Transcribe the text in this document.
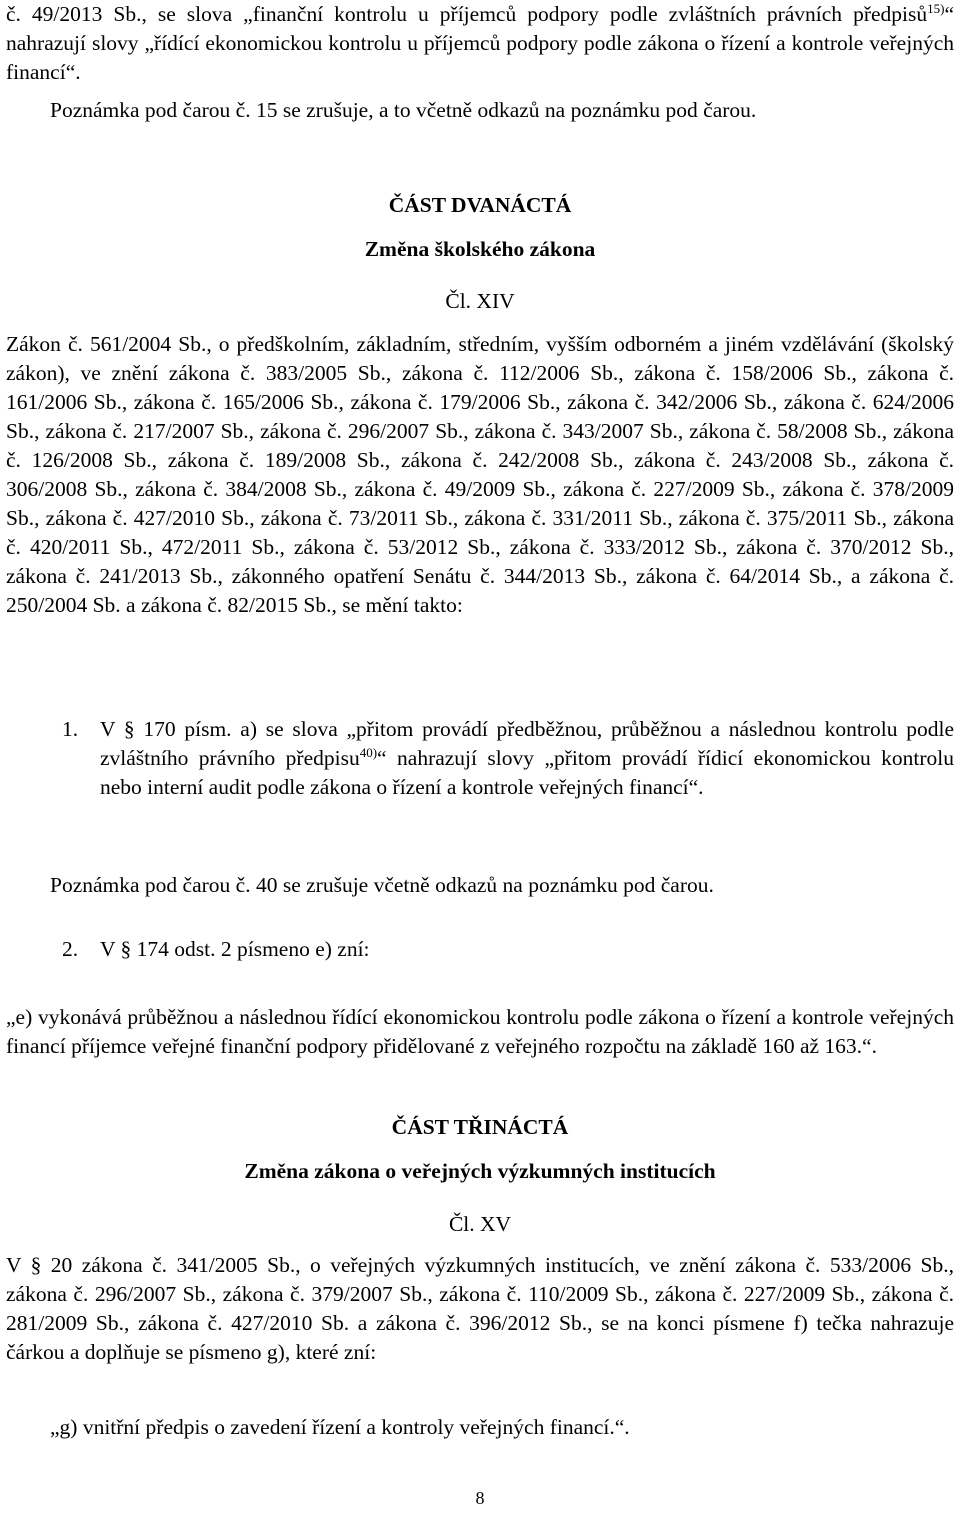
č. 49/2013 Sb., se slova „finanční kontrolu u příjemců podpory podle zvláštních právních předpisů$^{15)}$“ nahrazují slovy „řídící ekonomickou kontrolu u příjemců podpory podle zákona o řízení a kontrole veřejných financí“.

Poznámka pod čarou č. 15 se zrušuje, a to včetně odkazů na poznámku pod čarou.

ČÁST DVANÁCTÁ

Změna školského zákona

Čl. XIV

Zákon č. 561/2004 Sb., o předškolním, základním, středním, vyšším odborném a jiném vzdělávání (školský zákon), ve znění zákona č. 383/2005 Sb., zákona č. 112/2006 Sb., zákona č. 158/2006 Sb., zákona č. 161/2006 Sb., zákona č. 165/2006 Sb., zákona č. 179/2006 Sb., zákona č. 342/2006 Sb., zákona č. 624/2006 Sb., zákona č. 217/2007 Sb., zákona č. 296/2007 Sb., zákona č. 343/2007 Sb., zákona č. 58/2008 Sb., zákona č. 126/2008 Sb., zákona č. 189/2008 Sb., zákona č. 242/2008 Sb., zákona č. 243/2008 Sb., zákona č. 306/2008 Sb., zákona č. 384/2008 Sb., zákona č. 49/2009 Sb., zákona č. 227/2009 Sb., zákona č. 378/2009 Sb., zákona č. 427/2010 Sb., zákona č. 73/2011 Sb., zákona č. 331/2011 Sb., zákona č. 375/2011 Sb., zákona č. 420/2011 Sb., 472/2011 Sb., zákona č. 53/2012 Sb., zákona č. 333/2012 Sb., zákona č. 370/2012 Sb., zákona č. 241/2013 Sb., zákonného opatření Senátu č. 344/2013 Sb., zákona č. 64/2014 Sb., a zákona č. 250/2004 Sb. a zákona č. 82/2015 Sb., se mění takto:

1.	V § 170 písm. a) se slova „přitom provádí předběžnou, průběžnou a následnou kontrolu podle zvláštního právního předpisu$^{40)}$“ nahrazují slovy „přitom provádí řídicí ekonomickou kontrolu nebo interní audit podle zákona o řízení a kontrole veřejných financí“.

Poznámka pod čarou č. 40 se zrušuje včetně odkazů na poznámku pod čarou.

2.	V § 174 odst. 2 písmeno e) zní:

„e) vykonává průběžnou a následnou řídící ekonomickou kontrolu podle zákona o řízení a kontrole veřejných financí příjemce veřejné finanční podpory přidělované z veřejného rozpočtu na základě 160 až 163.“.

ČÁST TŘINÁCTÁ

Změna zákona o veřejných výzkumných institucích

Čl. XV

V § 20 zákona č. 341/2005 Sb., o veřejných výzkumných institucích, ve znění zákona č. 533/2006 Sb., zákona č. 296/2007 Sb., zákona č. 379/2007 Sb., zákona č. 110/2009 Sb., zákona č. 227/2009 Sb., zákona č. 281/2009 Sb., zákona č. 427/2010 Sb. a zákona č. 396/2012 Sb., se na konci písmene f) tečka nahrazuje čárkou a doplňuje se písmeno g), které zní:

„g) vnitřní předpis o zavedení řízení a kontroly veřejných financí.“.

8
